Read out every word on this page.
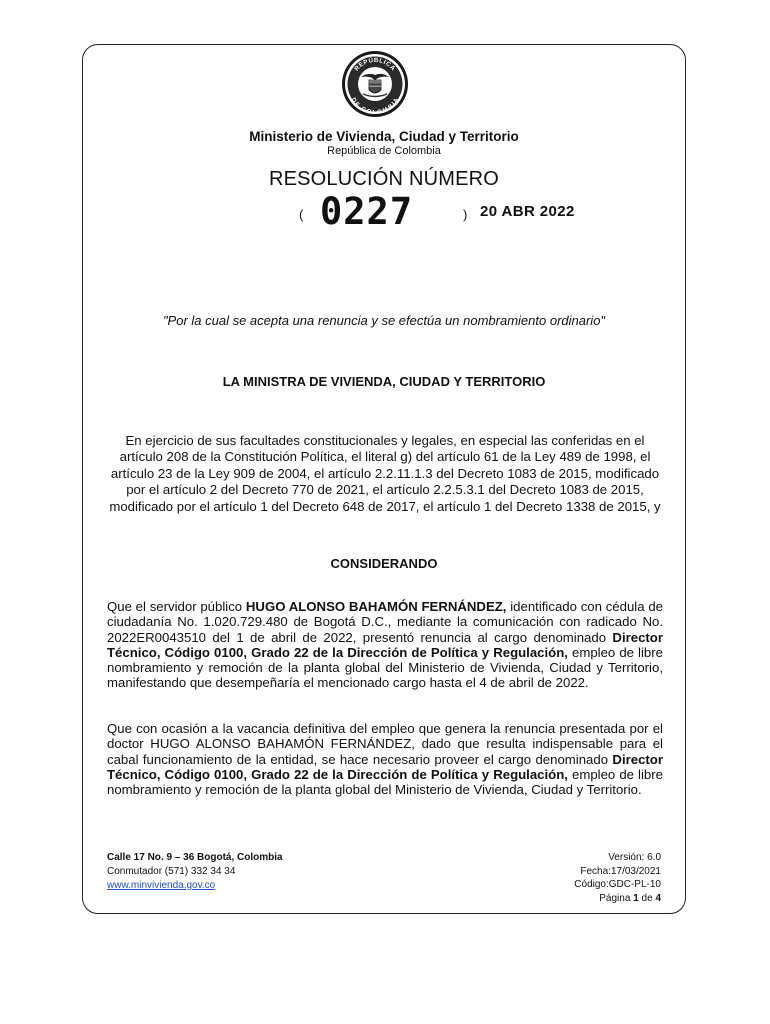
REPÚBLICA
DE COLOMBIA
Ministerio de Vivienda, Ciudad y Territorio
República de Colombia
RESOLUCIÓN NÚMERO
( 0227	) 20 ABR 2022
"Por la cual se acepta una renuncia y se efectúa un nombramiento ordinario"
LA MINISTRA DE VIVIENDA, CIUDAD Y TERRITORIO
En ejercicio de sus facultades constitucionales y legales, en especial las conferidas en el artículo 208 de la Constitución Política, el literal g) del artículo 61 de la Ley 489 de 1998, el artículo 23 de la Ley 909 de 2004, el artículo 2.2.11.1.3 del Decreto 1083 de 2015, modificado por el artículo 2 del Decreto 770 de 2021, el artículo 2.2.5.3.1 del Decreto 1083 de 2015, modificado por el artículo 1 del Decreto 648 de 2017, el artículo 1 del Decreto 1338 de 2015, y
CONSIDERANDO
Que el servidor público HUGO ALONSO BAHAMÓN FERNÁNDEZ, identificado con cédula de ciudadanía No. 1.020.729.480 de Bogotá D.C., mediante la comunicación con radicado No. 2022ER0043510 del 1 de abril de 2022, presentó renuncia al cargo denominado Director Técnico, Código 0100, Grado 22 de la Dirección de Política y Regulación, empleo de libre nombramiento y remoción de la planta global del Ministerio de Vivienda, Ciudad y Territorio, manifestando que desempeñaría el mencionado cargo hasta el 4 de abril de 2022.
Que con ocasión a la vacancia definitiva del empleo que genera la renuncia presentada por el doctor HUGO ALONSO BAHAMÓN FERNÁNDEZ, dado que resulta indispensable para el cabal funcionamiento de la entidad, se hace necesario proveer el cargo denominado Director Técnico, Código 0100, Grado 22 de la Dirección de Política y Regulación, empleo de libre nombramiento y remoción de la planta global del Ministerio de Vivienda, Ciudad y Territorio.
Calle 17 No. 9 – 36 Bogotá, Colombia
Conmutador (571) 332 34 34
www.minvivienda.gov.co
Versión: 6.0
Fecha:17/03/2021
Código:GDC-PL-10
Página 1 de 4
